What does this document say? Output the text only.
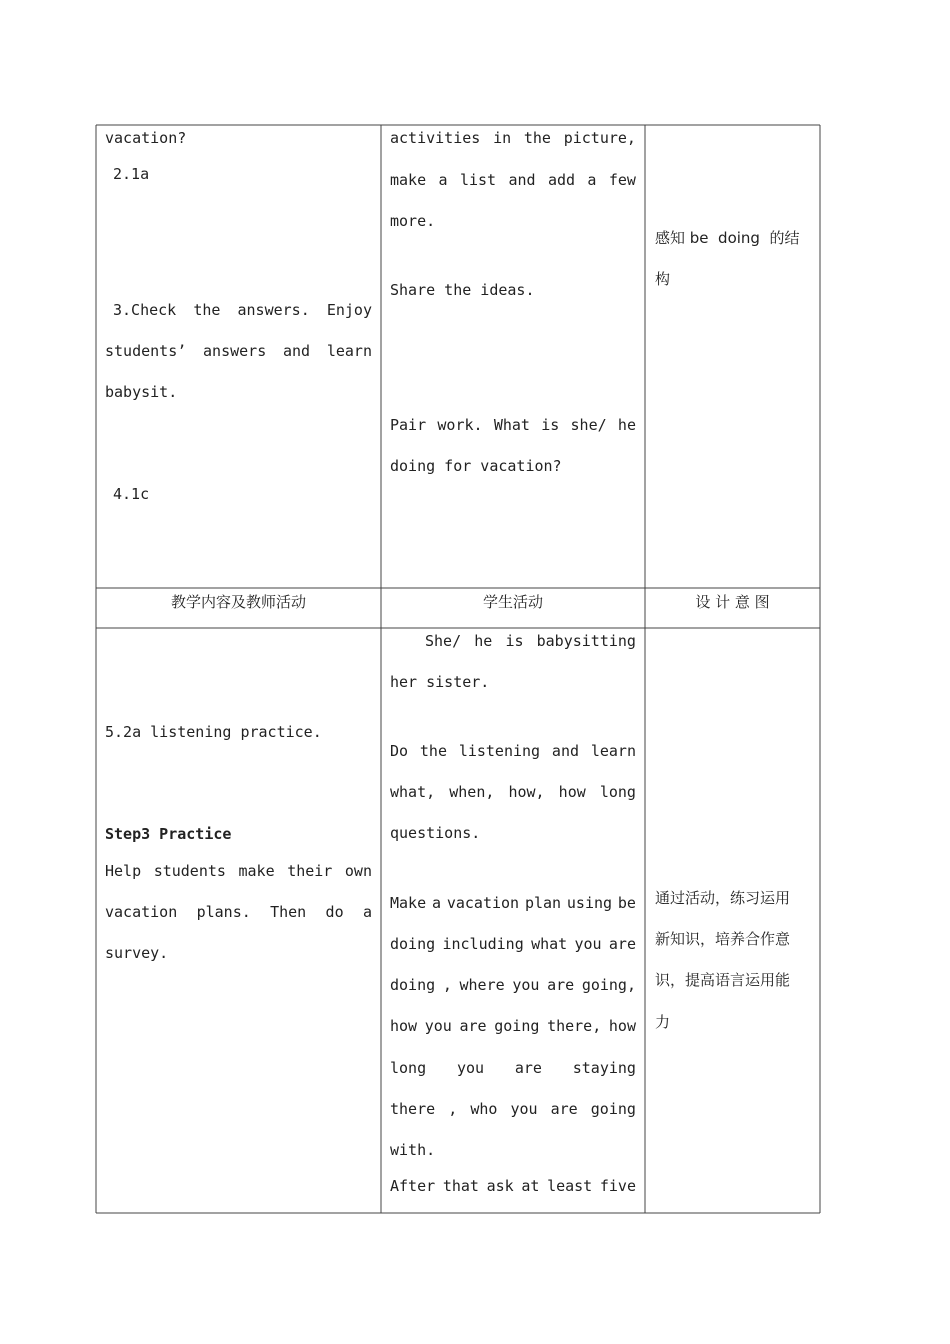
vacation?
2.1a
3.Check the answers. Enjoy
students’ answers and learn
babysit.
4.1c
activities in the picture,
make a list and add a few
more.
Share the ideas.
Pair work. What is she/ he
doing for vacation?
感知 be  doing  的结
构
教学内容及教师活动	学生活动	设 计 意 图
5.2a listening practice.
Step3 Practice
Help students make their own
vacation plans. Then do a
survey.
She/ he is babysitting
her sister.
Do the listening and learn
what, when, how, how long
questions.
Make a vacation plan using be
doing including what you are
doing , where you are going,
how you are going there, how
long you are staying
there , who you are going
with.
After that ask at least five
通过活动，练习运用
新知识，培养合作意
识，提高语言运用能
力
